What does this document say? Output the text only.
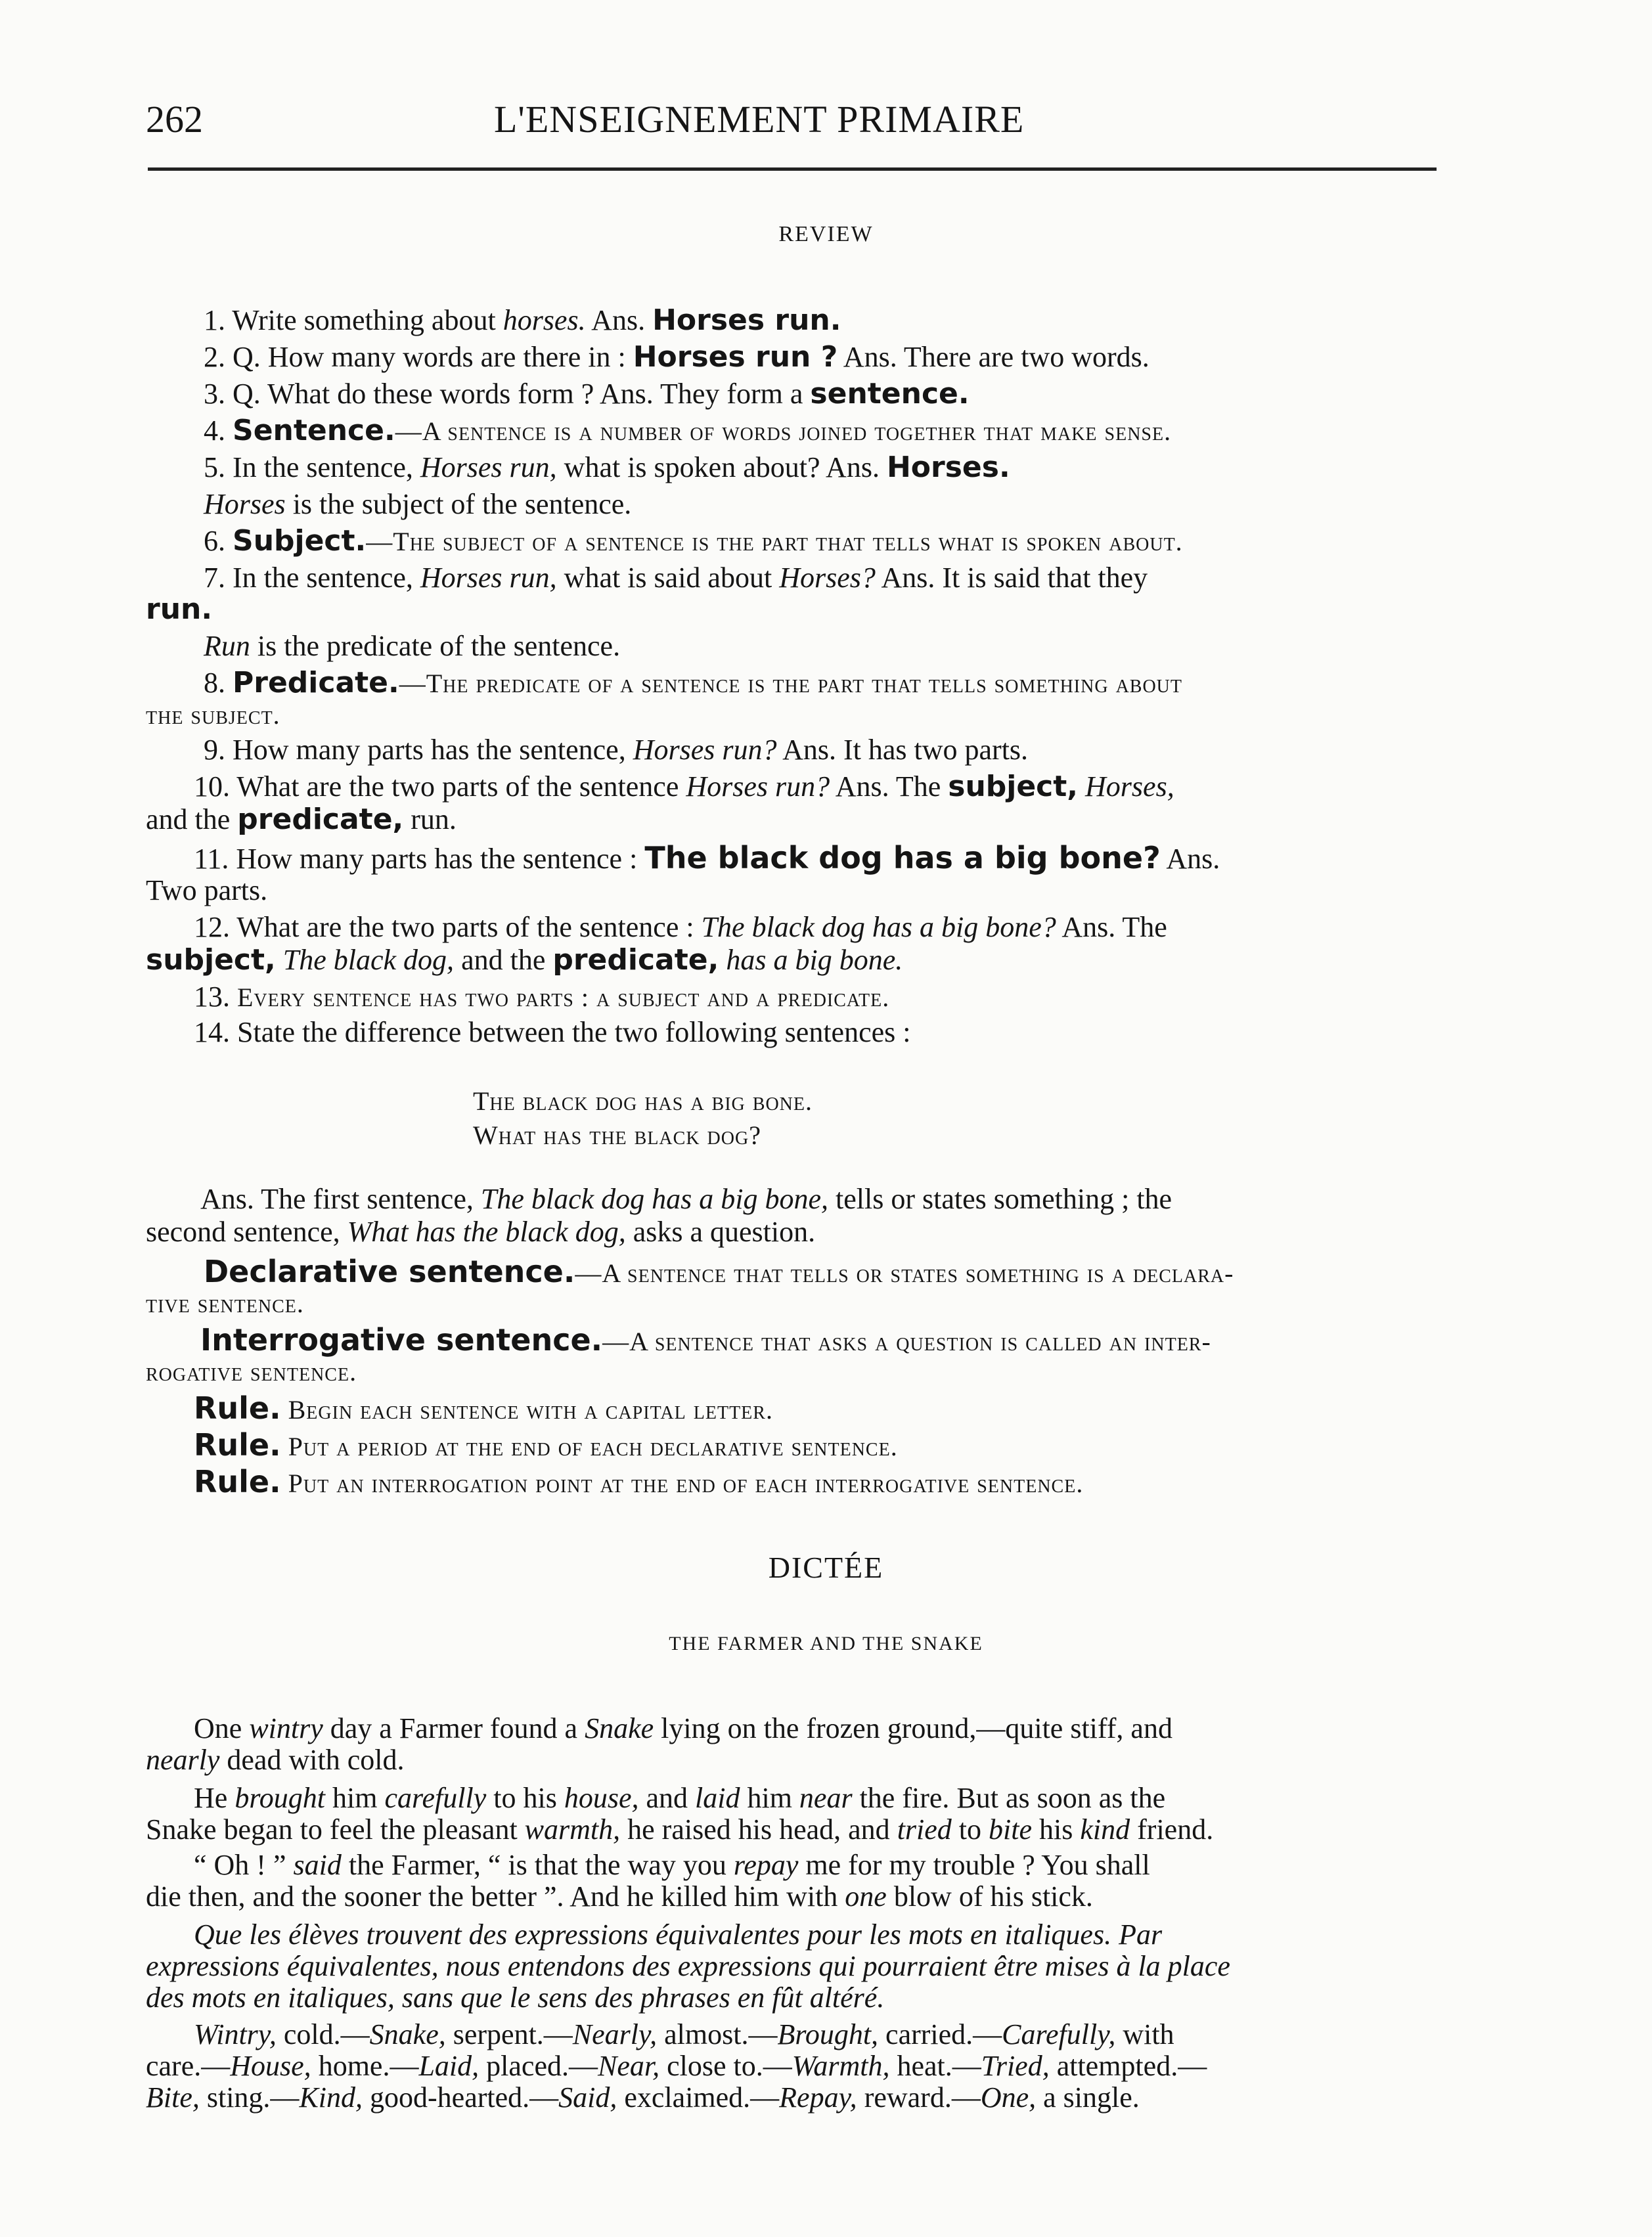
262	L'ENSEIGNEMENT PRIMAIRE
REVIEW
1. Write something about horses. Ans. Horses run.
2. Q. How many words are there in : Horses run ? Ans. There are two words.
3. Q. What do these words form ? Ans. They form a sentence.
4. Sentence.—A sentence is a number of words joined together that make sense.
5. In the sentence, Horses run, what is spoken about? Ans. Horses.
Horses is the subject of the sentence.
6. Subject.—The subject of a sentence is the part that tells what is spoken about.
7. In the sentence, Horses run, what is said about Horses? Ans. It is said that they
run.
Run is the predicate of the sentence.
8. Predicate.—The predicate of a sentence is the part that tells something about
the subject.
9. How many parts has the sentence, Horses run? Ans. It has two parts.
10. What are the two parts of the sentence Horses run? Ans. The subject, Horses,
and the predicate, run.
11. How many parts has the sentence : The black dog has a big bone? Ans.
Two parts.
12. What are the two parts of the sentence : The black dog has a big bone? Ans. The
subject, The black dog, and the predicate, has a big bone.
13. Every sentence has two parts : a subject and a predicate.
14. State the difference between the two following sentences :
The black dog has a big bone.
What has the black dog?
Ans. The first sentence, The black dog has a big bone, tells or states something ; the
second sentence, What has the black dog, asks a question.
Declarative sentence.—A sentence that tells or states something is a declara-
tive sentence.
Interrogative sentence.—A sentence that asks a question is called an inter-
rogative sentence.
Rule. Begin each sentence with a capital letter.
Rule. Put a period at the end of each declarative sentence.
Rule. Put an interrogation point at the end of each interrogative sentence.
DICTÉE
THE FARMER AND THE SNAKE
One wintry day a Farmer found a Snake lying on the frozen ground,—quite stiff, and
nearly dead with cold.
He brought him carefully to his house, and laid him near the fire. But as soon as the
Snake began to feel the pleasant warmth, he raised his head, and tried to bite his kind friend.
“ Oh ! ” said the Farmer, “ is that the way you repay me for my trouble ? You shall
die then, and the sooner the better ”. And he killed him with one blow of his stick.
Que les élèves trouvent des expressions équivalentes pour les mots en italiques. Par
expressions équivalentes, nous entendons des expressions qui pourraient être mises à la place
des mots en italiques, sans que le sens des phrases en fût altéré.
Wintry, cold.—Snake, serpent.—Nearly, almost.—Brought, carried.—Carefully, with
care.—House, home.—Laid, placed.—Near, close to.—Warmth, heat.—Tried, attempted.—
Bite, sting.—Kind, good-hearted.—Said, exclaimed.—Repay, reward.—One, a single.
